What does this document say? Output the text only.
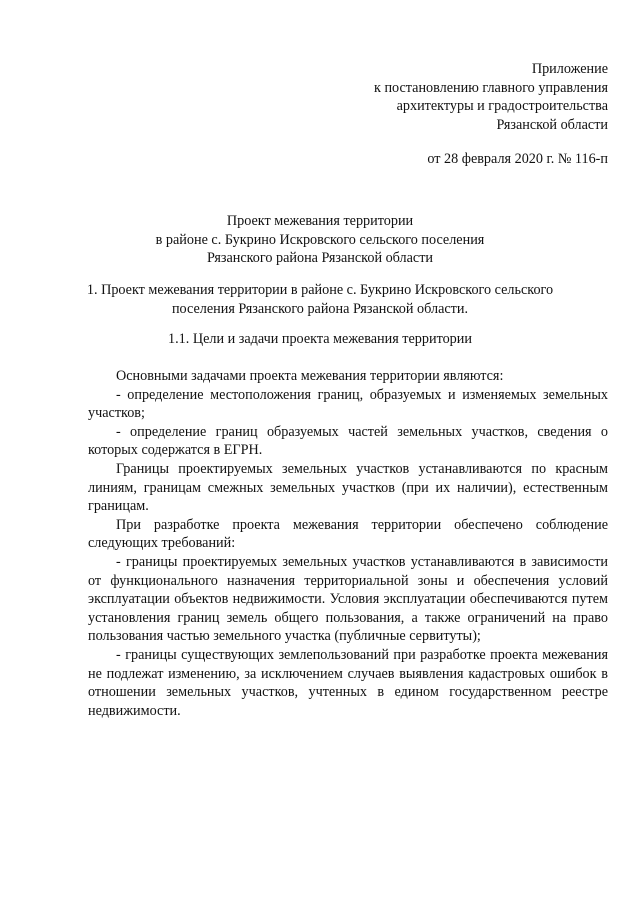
Приложение
к постановлению главного управления
архитектуры и градостроительства
Рязанской области
от 28 февраля 2020 г. № 116-п
Проект межевания территории
в районе с. Букрино Искровского сельского поселения
Рязанского района Рязанской области
1. Проект межевания территории в районе с. Букрино Искровского сельского
поселения Рязанского района Рязанской области.
1.1. Цели и задачи проекта межевания территории

Основными задачами проекта межевания территории являются:

- определение местоположения границ, образуемых и изменяемых земельных участков;

- определение границ образуемых частей земельных участков, сведения о которых содержатся в ЕГРН.

Границы проектируемых земельных участков устанавливаются по красным линиям, границам смежных земельных участков (при их наличии), естественным границам.

При разработке проекта межевания территории обеспечено соблюдение следующих требований:

- границы проектируемых земельных участков устанавливаются в зависимости от функционального назначения территориальной зоны и обеспечения условий эксплуатации объектов недвижимости. Условия эксплуатации обеспечиваются путем установления границ земель общего пользования, а также ограничений на право пользования частью земельного участка (публичные сервитуты);

- границы существующих землепользований при разработке проекта межевания не подлежат изменению, за исключением случаев выявления кадастровых ошибок в отношении земельных участков, учтенных в едином государственном реестре недвижимости.
